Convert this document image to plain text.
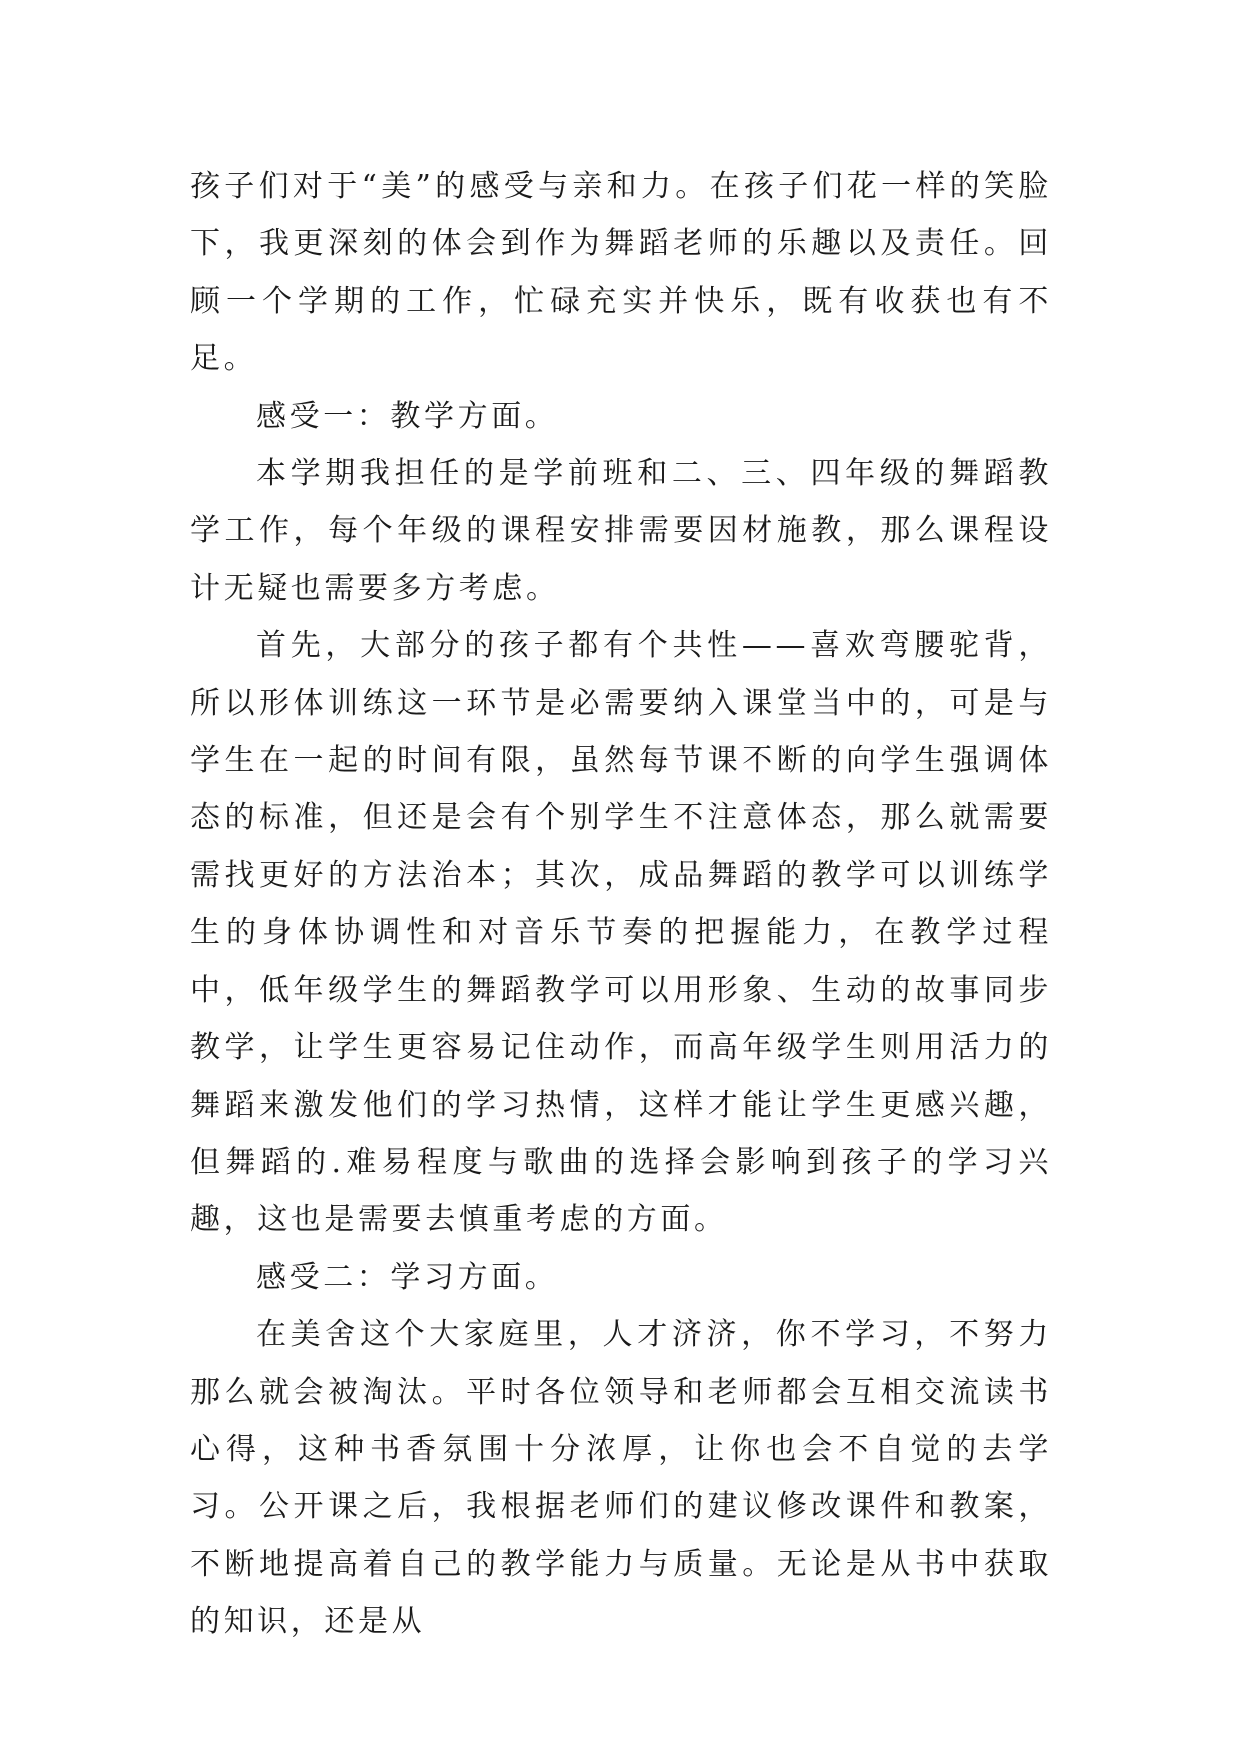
孩子们对于“美”的感受与亲和力。在孩子们花一样的笑脸下，我更深刻的体会到作为舞蹈老师的乐趣以及责任。回顾一个学期的工作，忙碌充实并快乐，既有收获也有不足。

感受一：教学方面。

本学期我担任的是学前班和二、三、四年级的舞蹈教学工作，每个年级的课程安排需要因材施教，那么课程设计无疑也需要多方考虑。

首先，大部分的孩子都有个共性——喜欢弯腰驼背，所以形体训练这一环节是必需要纳入课堂当中的，可是与学生在一起的时间有限，虽然每节课不断的向学生强调体态的标准，但还是会有个别学生不注意体态，那么就需要需找更好的方法治本；其次，成品舞蹈的教学可以训练学生的身体协调性和对音乐节奏的把握能力，在教学过程中，低年级学生的舞蹈教学可以用形象、生动的故事同步教学，让学生更容易记住动作，而高年级学生则用活力的舞蹈来激发他们的学习热情，这样才能让学生更感兴趣，但舞蹈的.难易程度与歌曲的选择会影响到孩子的学习兴趣，这也是需要去慎重考虑的方面。

感受二：学习方面。

在美舍这个大家庭里，人才济济，你不学习，不努力那么就会被淘汰。平时各位领导和老师都会互相交流读书心得，这种书香氛围十分浓厚，让你也会不自觉的去学习。公开课之后，我根据老师们的建议修改课件和教案，不断地提高着自己的教学能力与质量。无论是从书中获取的知识，还是从
